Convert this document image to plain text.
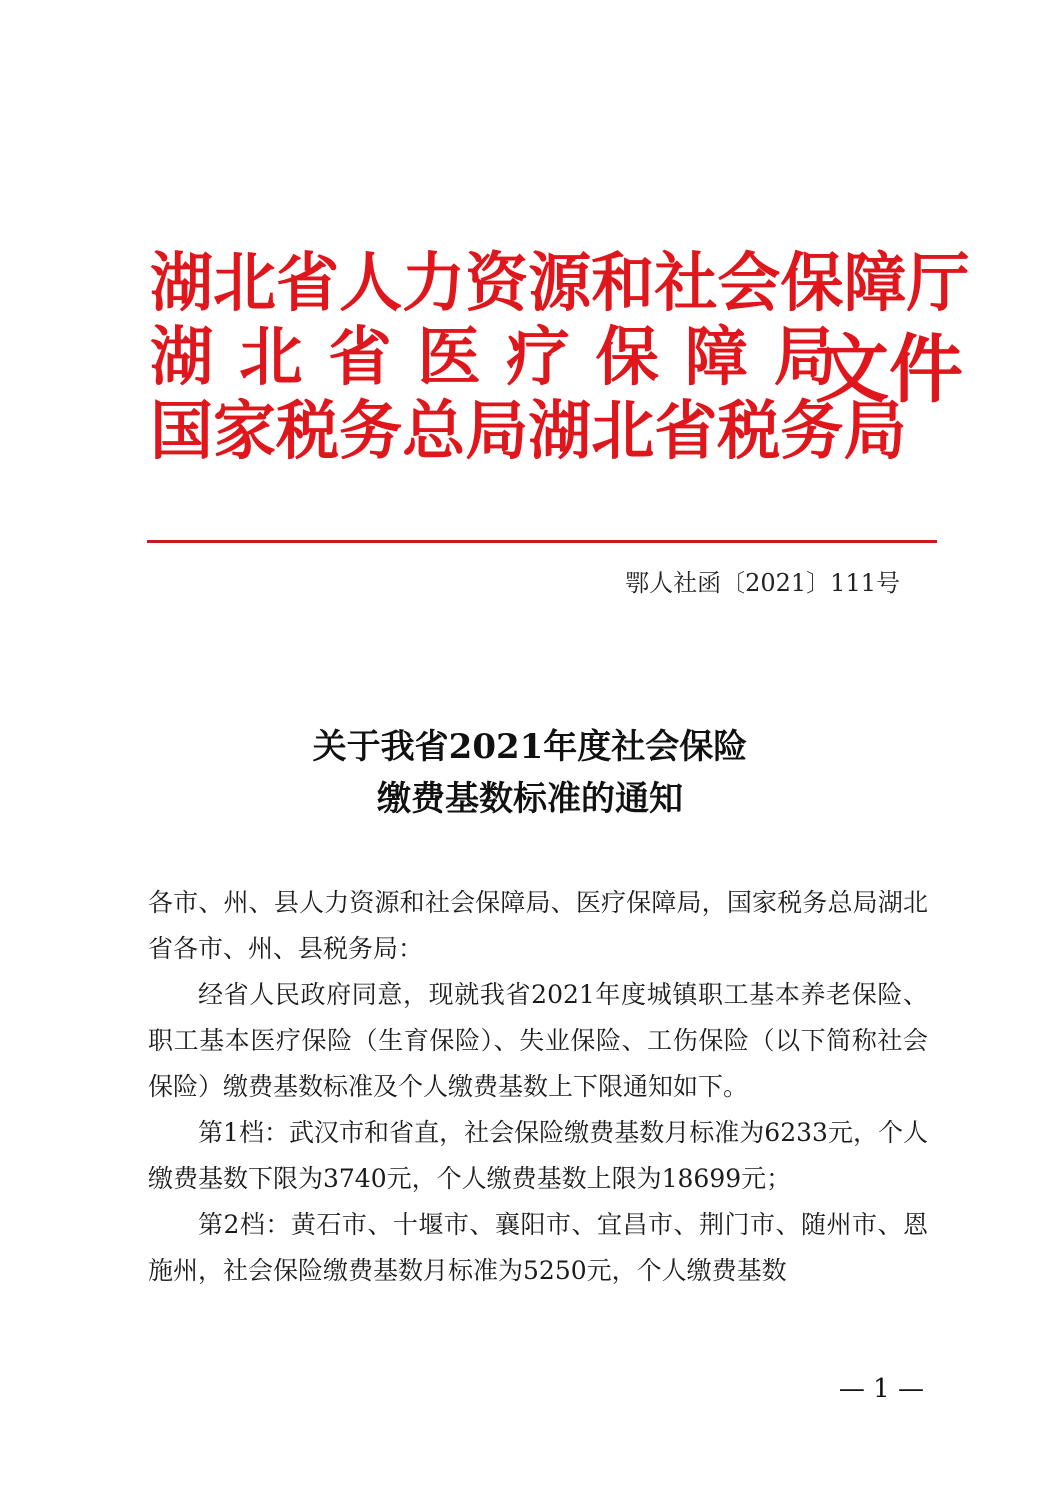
湖北省人力资源和社会保障厅
湖北省医疗保障局
国家税务总局湖北省税务局
文件
鄂人社函〔2021〕111号
关于我省2021年度社会保险
缴费基数标准的通知

各市、州、县人力资源和社会保障局、医疗保障局，国家税务总局湖北省各市、州、县税务局：

经省人民政府同意，现就我省2021年度城镇职工基本养老保险、职工基本医疗保险（生育保险）、失业保险、工伤保险（以下简称社会保险）缴费基数标准及个人缴费基数上下限通知如下。

第1档：武汉市和省直，社会保险缴费基数月标准为6233元，个人缴费基数下限为3740元，个人缴费基数上限为18699元；

第2档：黄石市、十堰市、襄阳市、宜昌市、荆门市、随州市、恩施州，社会保险缴费基数月标准为5250元，个人缴费基数

— 1 —
